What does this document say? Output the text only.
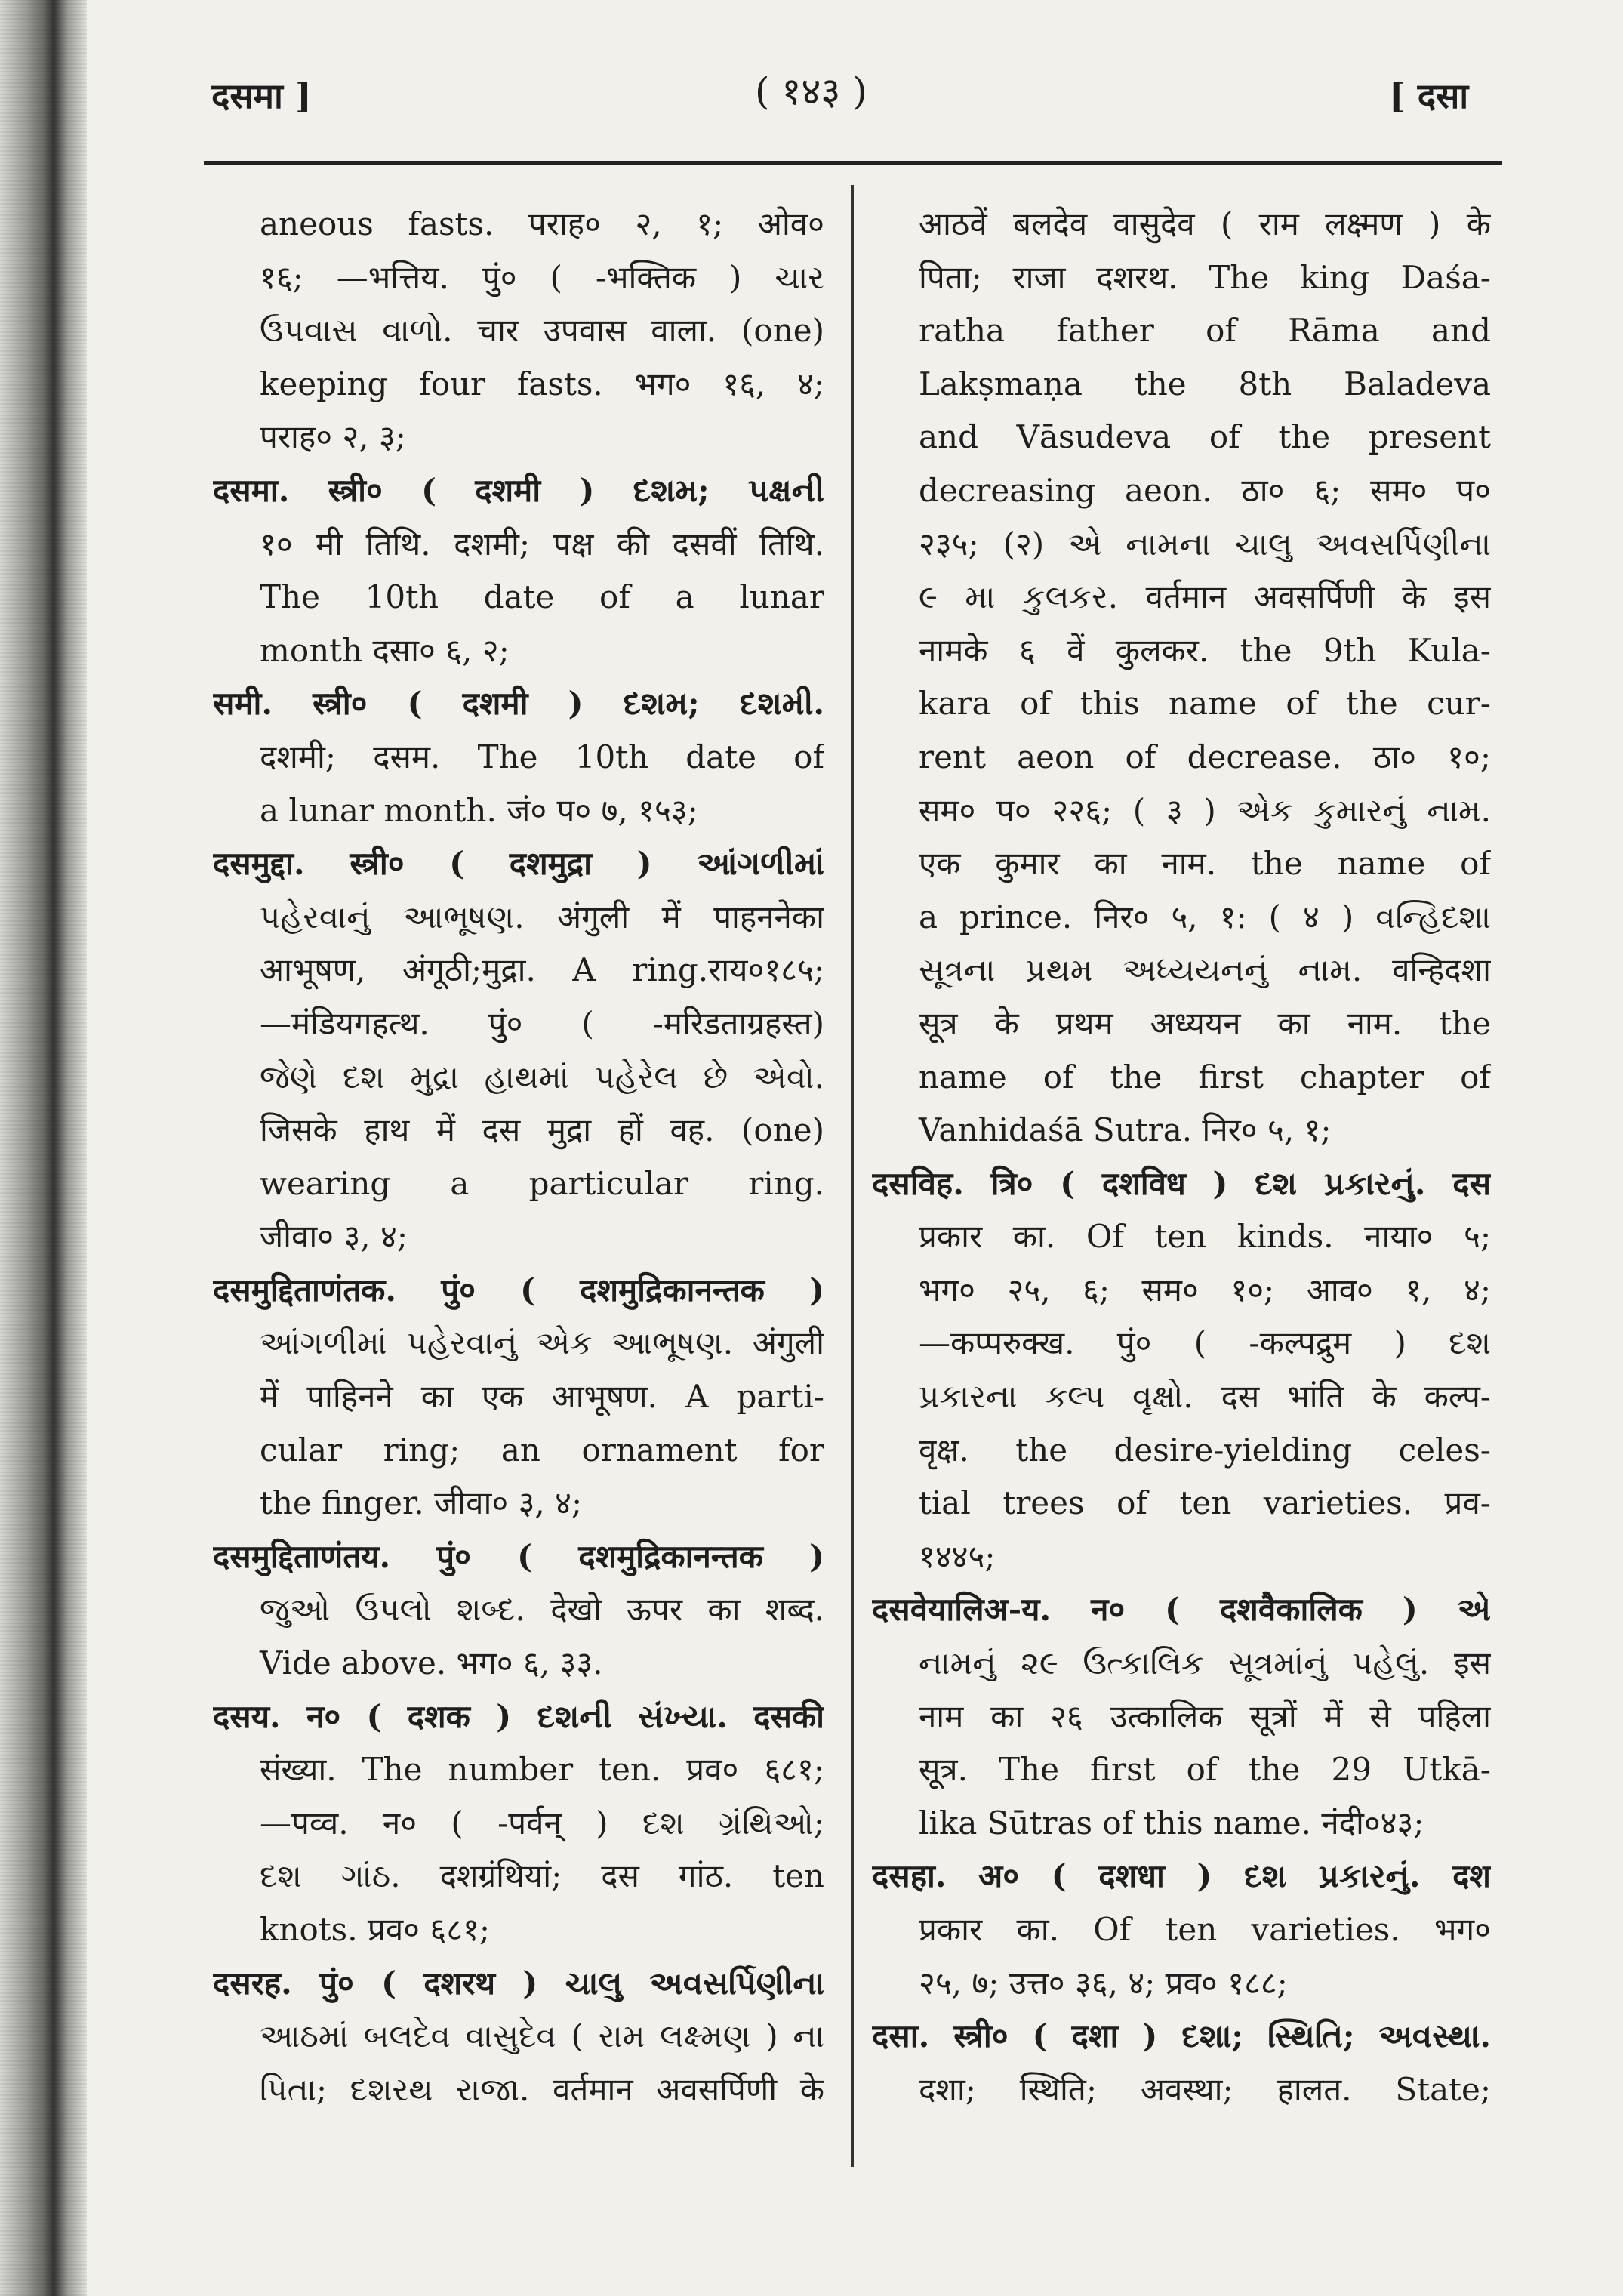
दसमा ]	( १४३ )	[ दसा
aneous fasts. पराह० २, १; ओव०
१६; —भत्तिय. पुं० ( -भक्तिक ) ચાર
ઉપવાસ વાળો. चार उपवास वाला. (one)
keeping four fasts. भग० १६, ४;
पराह० २, ३;
दसमा. स्त्री० ( दशमी ) દશમ; પક્ષની
१० मी तिथि. दशमी; पक्ष की दसवीं तिथि.
The 10th date of a lunar
month दसा० ६, २;
समी. स्त्री० ( दशमी ) દશમ; દશમી.
दशमी; दसम. The 10th date of
a lunar month. जं० प० ७, १५३;
दसमुद्दा. स्त्री० ( दशमुद्रा ) આંગળીમાં
પહેરવાનું આભૂષણ. अंगुली में पाहननेका
आभूषण, अंगूठी;मुद्रा. A ring.राय०१८५;
—मंडियगहत्थ. पुं० ( -मरिडताग्रहस्त)
જેણે દશ મુદ્રા હાથમાં પહેરેલ છે એવો.
जिसके हाथ में दस मुद्रा हों वह. (one)
wearing a particular ring.
जीवा० ३, ४;
दसमुद्दिताणंतक. पुं० ( दशमुद्रिकानन्तक )
આંગળીમાં પહેરવાનું એક આભૂષણ. अंगुली
में पाहिनने का एक आभूषण. A parti-
cular ring; an ornament for
the finger. जीवा० ३, ४;
दसमुद्दिताणंतय. पुं० ( दशमुद्रिकानन्तक )
જુઓ ઉપલો શબ્દ. देखो ऊपर का शब्द.
Vide above. भग० ६, ३३.
दसय. न० ( दशक ) દશની સંખ્યા. दसकी
संख्या. The number ten. प्रव० ६८१;
—पव्व. न० ( -पर्वन् ) દશ ગ્રંથિઓ;
દશ ગાંઠ. दशग्रंथियां; दस गांठ. ten
knots. प्रव० ६८१;
दसरह. पुं० ( दशरथ ) ચાલુ અવસર્પિણીના
આઠમાં બલદેવ વાસુદેવ ( રામ લક્ષ્મણ ) ના
પિતા; દશરથ રાજા. वर्तमान अवसर्पिणी के
आठवें बलदेव वासुदेव ( राम लक्ष्मण ) के
पिता; राजा दशरथ. The king Daśa-
ratha father of Rāma and
Lakṣmaṇa the 8th Baladeva
and Vāsudeva of the present
decreasing aeon. ठा० ६; सम० प०
२३५; (२) એ નામના ચાલુ અવસર્પિણીના
૯ મા કુલકર. वर्तमान अवसर्पिणी के इस
नामके ६ वें कुलकर. the 9th Kula-
kara of this name of the cur-
rent aeon of decrease. ठा० १०;
सम० प० २२६; ( ३ ) એક કુમારનું નામ.
एक कुमार का नाम. the name of
a prince. निर० ५, १: ( ४ ) વન્હિદશા
સૂત્રના પ્રથમ અધ્યયનનું નામ. वन्हिदशा
सूत्र के प्रथम अध्ययन का नाम. the
name of the first chapter of
Vanhidaśā Sutra. निर० ५, १;
दसविह. त्रि० ( दशविध ) દશ પ્રકારનું. दस
प्रकार का. Of ten kinds. नाया० ५;
भग० २५, ६; सम० १०; आव० १, ४;
—कप्परुक्ख. पुं० ( -कल्पद्रुम ) દશ
પ્રકારના કલ્પ વૃક્ષો. दस भांति के कल्प-
वृक्ष. the desire-yielding celes-
tial trees of ten varieties. प्रव-
१४४५;
दसवेयालिअ-य. न० ( दशवैकालिक ) એ
નામનું ૨૯ ઉત્કાલિક સૂત્રમાંનું પહેલું. इस
नाम का २६ उत्कालिक सूत्रों में से पहिला
सूत्र. The first of the 29 Utkā-
lika Sūtras of this name. नंदी०४३;
दसहा. अ० ( दशधा ) દશ પ્રકારનું. दश
प्रकार का. Of ten varieties. भग०
२५, ७; उत्त० ३६, ४; प्रव० १८८;
दसा. स्त्री० ( दशा ) દશા; સ્થિતિ; અવસ્થા.
दशा; स्थिति; अवस्था; हालत. State;
